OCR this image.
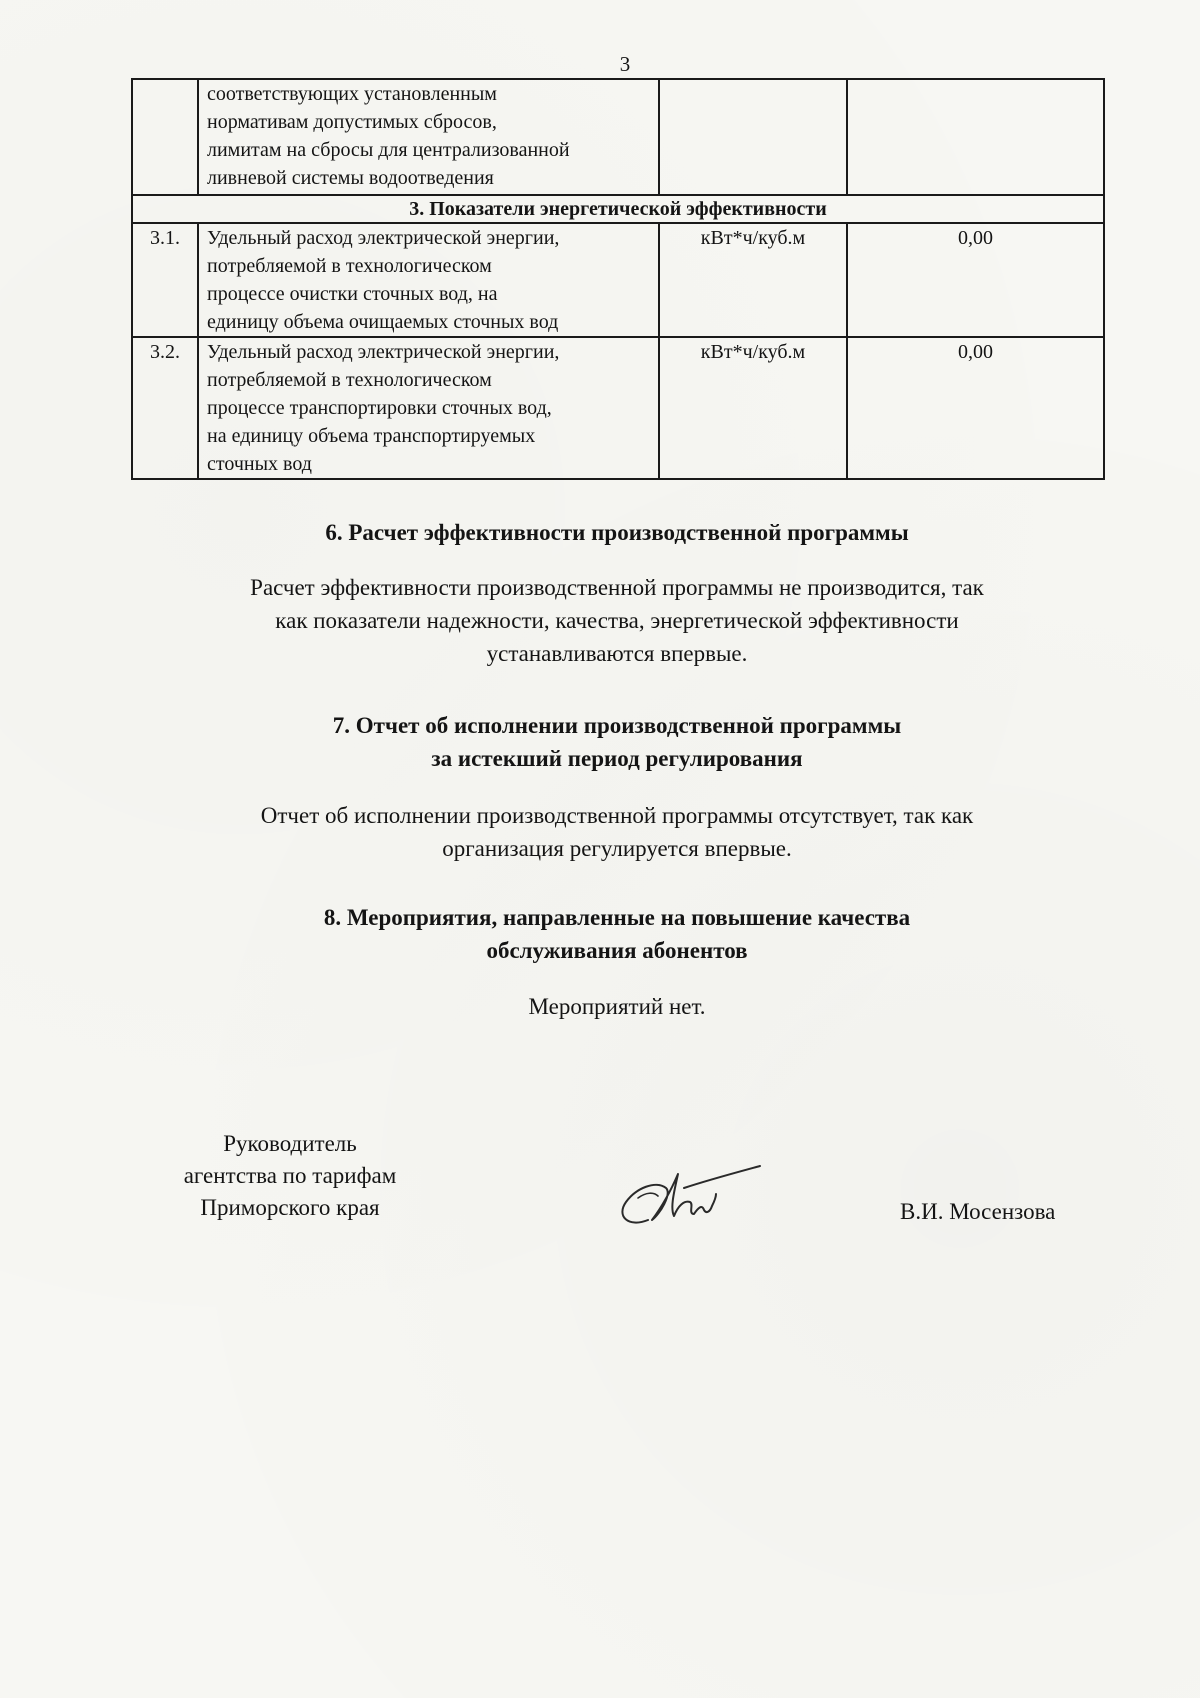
3

	соответствующих установленным
нормативам допустимых сбросов,
лимитам на сбросы для централизованной
ливневой системы водоотведения		

3. Показатели энергетической эффективности			
3.1.	Удельный расход электрической энергии,
потребляемой в технологическом
процессе очистки сточных вод, на
единицу объема очищаемых сточных вод	кВт*ч/куб.м	0,00
3.2.	Удельный расход электрической энергии,
потребляемой в технологическом
процессе транспортировки сточных вод,
на единицу объема транспортируемых
сточных вод	кВт*ч/куб.м	0,00
6. Расчет эффективности производственной программы

Расчет эффективности производственной программы не производится, так

как показатели надежности, качества, энергетической эффективности

устанавливаются впервые.

7. Отчет об исполнении производственной программы
за истекший период регулирования

Отчет об исполнении производственной программы отсутствует, так как

организация регулируется впервые.

8. Мероприятия, направленные на повышение качества
обслуживания абонентов

Мероприятий нет.

Руководитель
агентства по тарифам
Приморского края	В.И. Мосензова
